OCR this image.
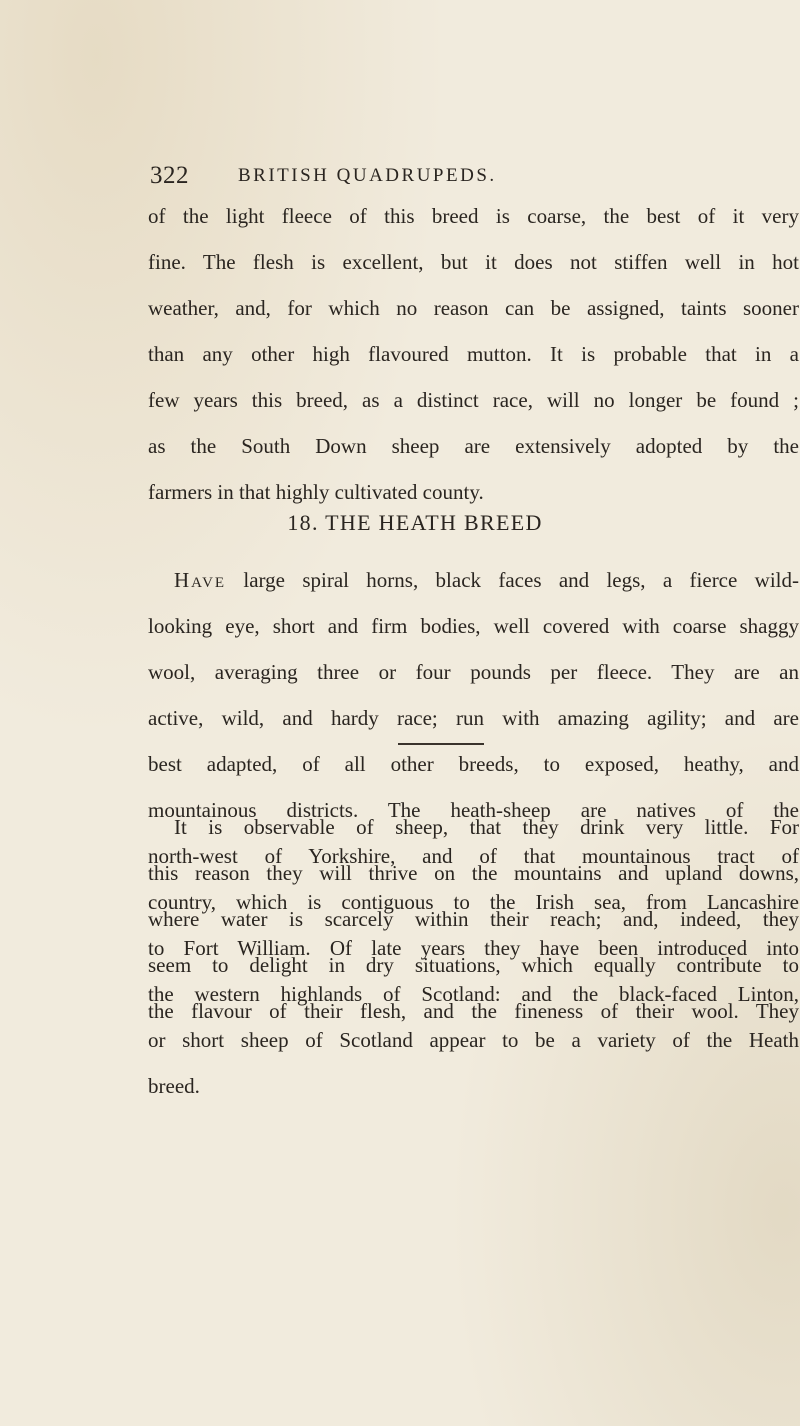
322	BRITISH QUADRUPEDS.
of the light fleece of this breed is coarse, the best of it very
fine. The flesh is excellent, but it does not stiffen well in hot
weather, and, for which no reason can be assigned, taints sooner
than any other high flavoured mutton. It is probable that in a
few years this breed, as a distinct race, will no longer be found ;
as the South Down sheep are extensively adopted by the
farmers in that highly cultivated county.
18. THE HEATH BREED
Have large spiral horns, black faces and legs, a fierce wild-
looking eye, short and firm bodies, well covered with coarse shaggy
wool, averaging three or four pounds per fleece. They are an
active, wild, and hardy race; run with amazing agility; and are
best adapted, of all other breeds, to exposed, heathy, and
mountainous districts. The heath-sheep are natives of the
north-west of Yorkshire, and of that mountainous tract of
country, which is contiguous to the Irish sea, from Lancashire
to Fort William. Of late years they have been introduced into
the western highlands of Scotland: and the black-faced Linton,
or short sheep of Scotland appear to be a variety of the Heath
breed.
It is observable of sheep, that they drink very little. For
this reason they will thrive on the mountains and upland downs,
where water is scarcely within their reach; and, indeed, they
seem to delight in dry situations, which equally contribute to
the flavour of their flesh, and the fineness of their wool. They
